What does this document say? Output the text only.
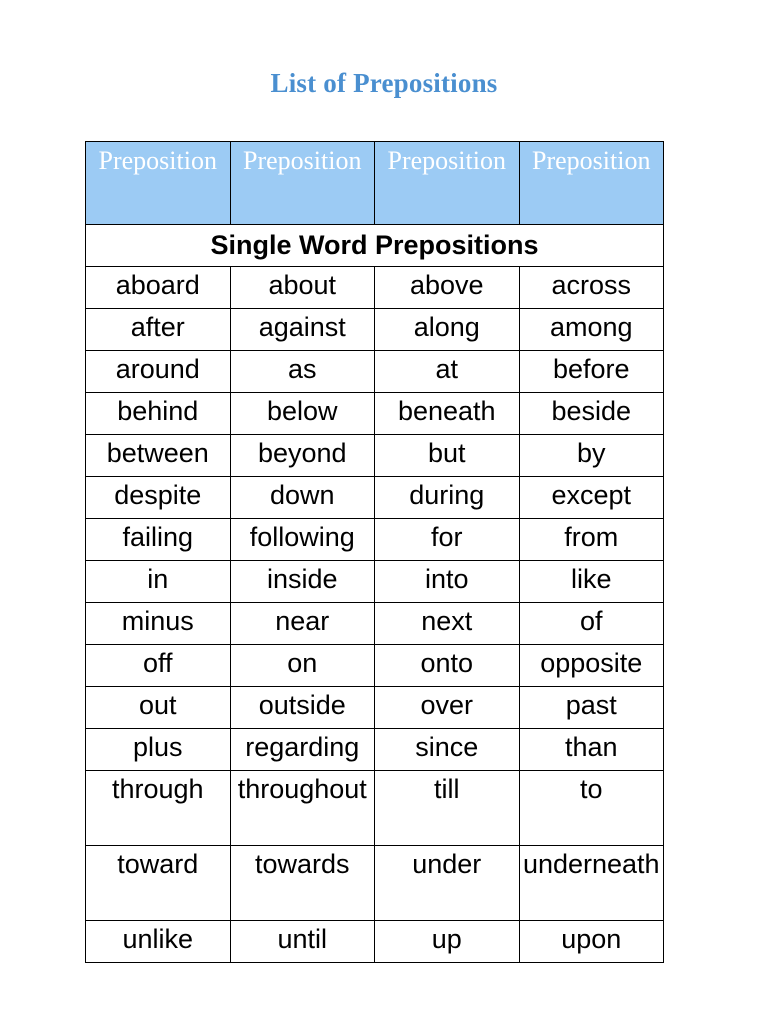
List of Prepositions
Preposition	Preposition	Preposition	Preposition
Single Word Prepositions			
aboard	about	above	across
after	against	along	among
around	as	at	before
behind	below	beneath	beside
between	beyond	but	by
despite	down	during	except
failing	following	for	from
in	inside	into	like
minus	near	next	of
off	on	onto	opposite
out	outside	over	past
plus	regarding	since	than
through	throughout	till	to
toward	towards	under	underneath
unlike	until	up	upon
